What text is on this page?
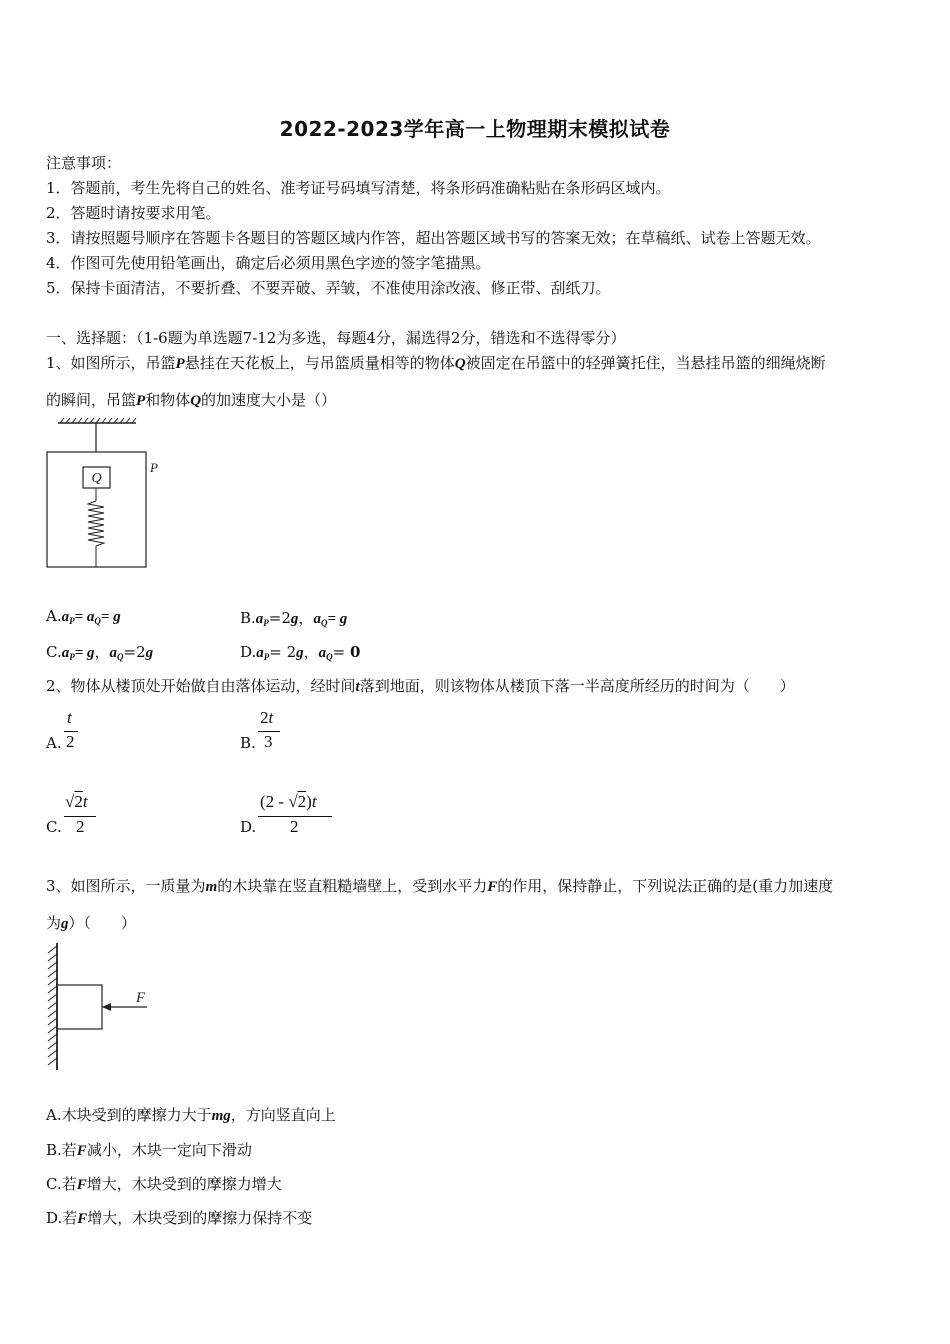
2022-2023学年高一上物理期末模拟试卷
注意事项：
1．答题前，考生先将自己的姓名、准考证号码填写清楚，将条形码准确粘贴在条形码区域内。
2．答题时请按要求用笔。
3．请按照题号顺序在答题卡各题目的答题区域内作答，超出答题区域书写的答案无效；在草稿纸、试卷上答题无效。
4．作图可先使用铅笔画出，确定后必须用黑色字迹的签字笔描黑。
5．保持卡面清洁，不要折叠、不要弄破、弄皱，不准使用涂改液、修正带、刮纸刀。
一、选择题：（1-6题为单选题7-12为多选，每题4分，漏选得2分，错选和不选得零分）
1、如图所示，吊篮P悬挂在天花板上，与吊篮质量相等的物体Q被固定在吊篮中的轻弹簧托住，当悬挂吊篮的细绳烧断
的瞬间，吊篮P和物体Q的加速度大小是（）
Q
P
$A.a_P= a_Q= g$	$B.a_P=2g$，$a_Q= g$
$C.a_P= g$，$a_Q=2g$	$D.a_P= 2g$，$a_Q= 0$
2、物体从楼顶处开始做自由落体运动，经时间t落到地面，则该物体从楼顶下落一半高度所经历的时间为（　　）
A.
t
2	B.
2t
3
C.
√2t
2	D.
(2 - √2)t
2
3、如图所示，一质量为m的木块靠在竖直粗糙墙壁上，受到水平力F的作用，保持静止，下列说法正确的是(重力加速度
为g）（　　）
F
A.木块受到的摩擦力大于mg，方向竖直向上
B.若F减小，木块一定向下滑动
C.若F增大，木块受到的摩擦力增大
D.若F增大，木块受到的摩擦力保持不变
